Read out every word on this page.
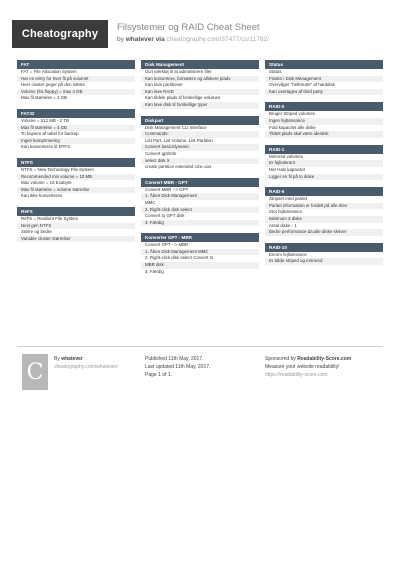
Cheatography
Filsystemer og RAID Cheat Sheet
by whatever via cheatography.com/37477/cs/11782/
FAT
FAT = File Allocation System
Har en entry for hver fil på volumet
Hver cluster peger på den næste
Volume (fra floppy) = max 4 GB
Max fil størrelse = 2 GB
FAT32
Volume = 512 MB - 2 TB
Max fil størrelse = 4 GB
To kopiere af tabel for backup
Ingen komprimering
Kan konverteres til NTFS
NTFS
NTFS = New Technology File System
Recommended min volume = 10 MB
Max volume = 16 Exabyte
Max fil størrelse = volume størrelse
Kan ikke konverteres
ReFS
ReFS = Resilient File System
Next gen NTFS
Større og bedre
Variable cluster størrelser
Disk Management
GUI værktøj til at administrere filer
Kan konvertere, formatere og allokere plads
Kan lave partitioner
Kan lave RAID
Kan tildele plads til forskellige volumes
Kan lave disk til forskellige typer
Diskpart
Disk Management CLI Interface
Commands:
List Part, List Volume, List Partition
Convert basic/dynamic
Convert gpt/mbr
select disk X
create partition extended size=xxx
Convert MBR - GPT
Convert MBR --> GPT
1. Åben Disk Management
MMC
2. Right-click disk select
Convert to GPT disk
3. Færdig
Konverter GPT - MBR
Convert GPT --> MBR
1. Åben Disk Management MMC
2. Right-click disk select Convert to
MBR disk
3. Færdig
Status
Status
Findes i Disk Management
Overvåger "helbredet" af harddisk
Kan overtages af third party
RAID-0
Bruger Striped volumes
Ingen fejltolerance
Fuld kapacitet alle diske
Tildelt plads skal være identisk
RAID-1
Mirrored volumes
Er fejltolerant
Har Halv kapacitet
Ligger en fil på to diske
RAID-5
Stripset med paritet
Paritet information er fordelt på alle drev
Stor fejltolerance
Minimum 3 diske
Antal diske - 1
Bedre performance da alle diske skriver
RAID-10
Enorm fejltolerance
Er både striped og mirrored
C
By whatever
cheatography.com/whatever/
Published 11th May, 2017.
Last updated 11th May, 2017.
Page 1 of 1.
Sponsored by Readability-Score.com
Measure your website readability!
https://readability-score.com
